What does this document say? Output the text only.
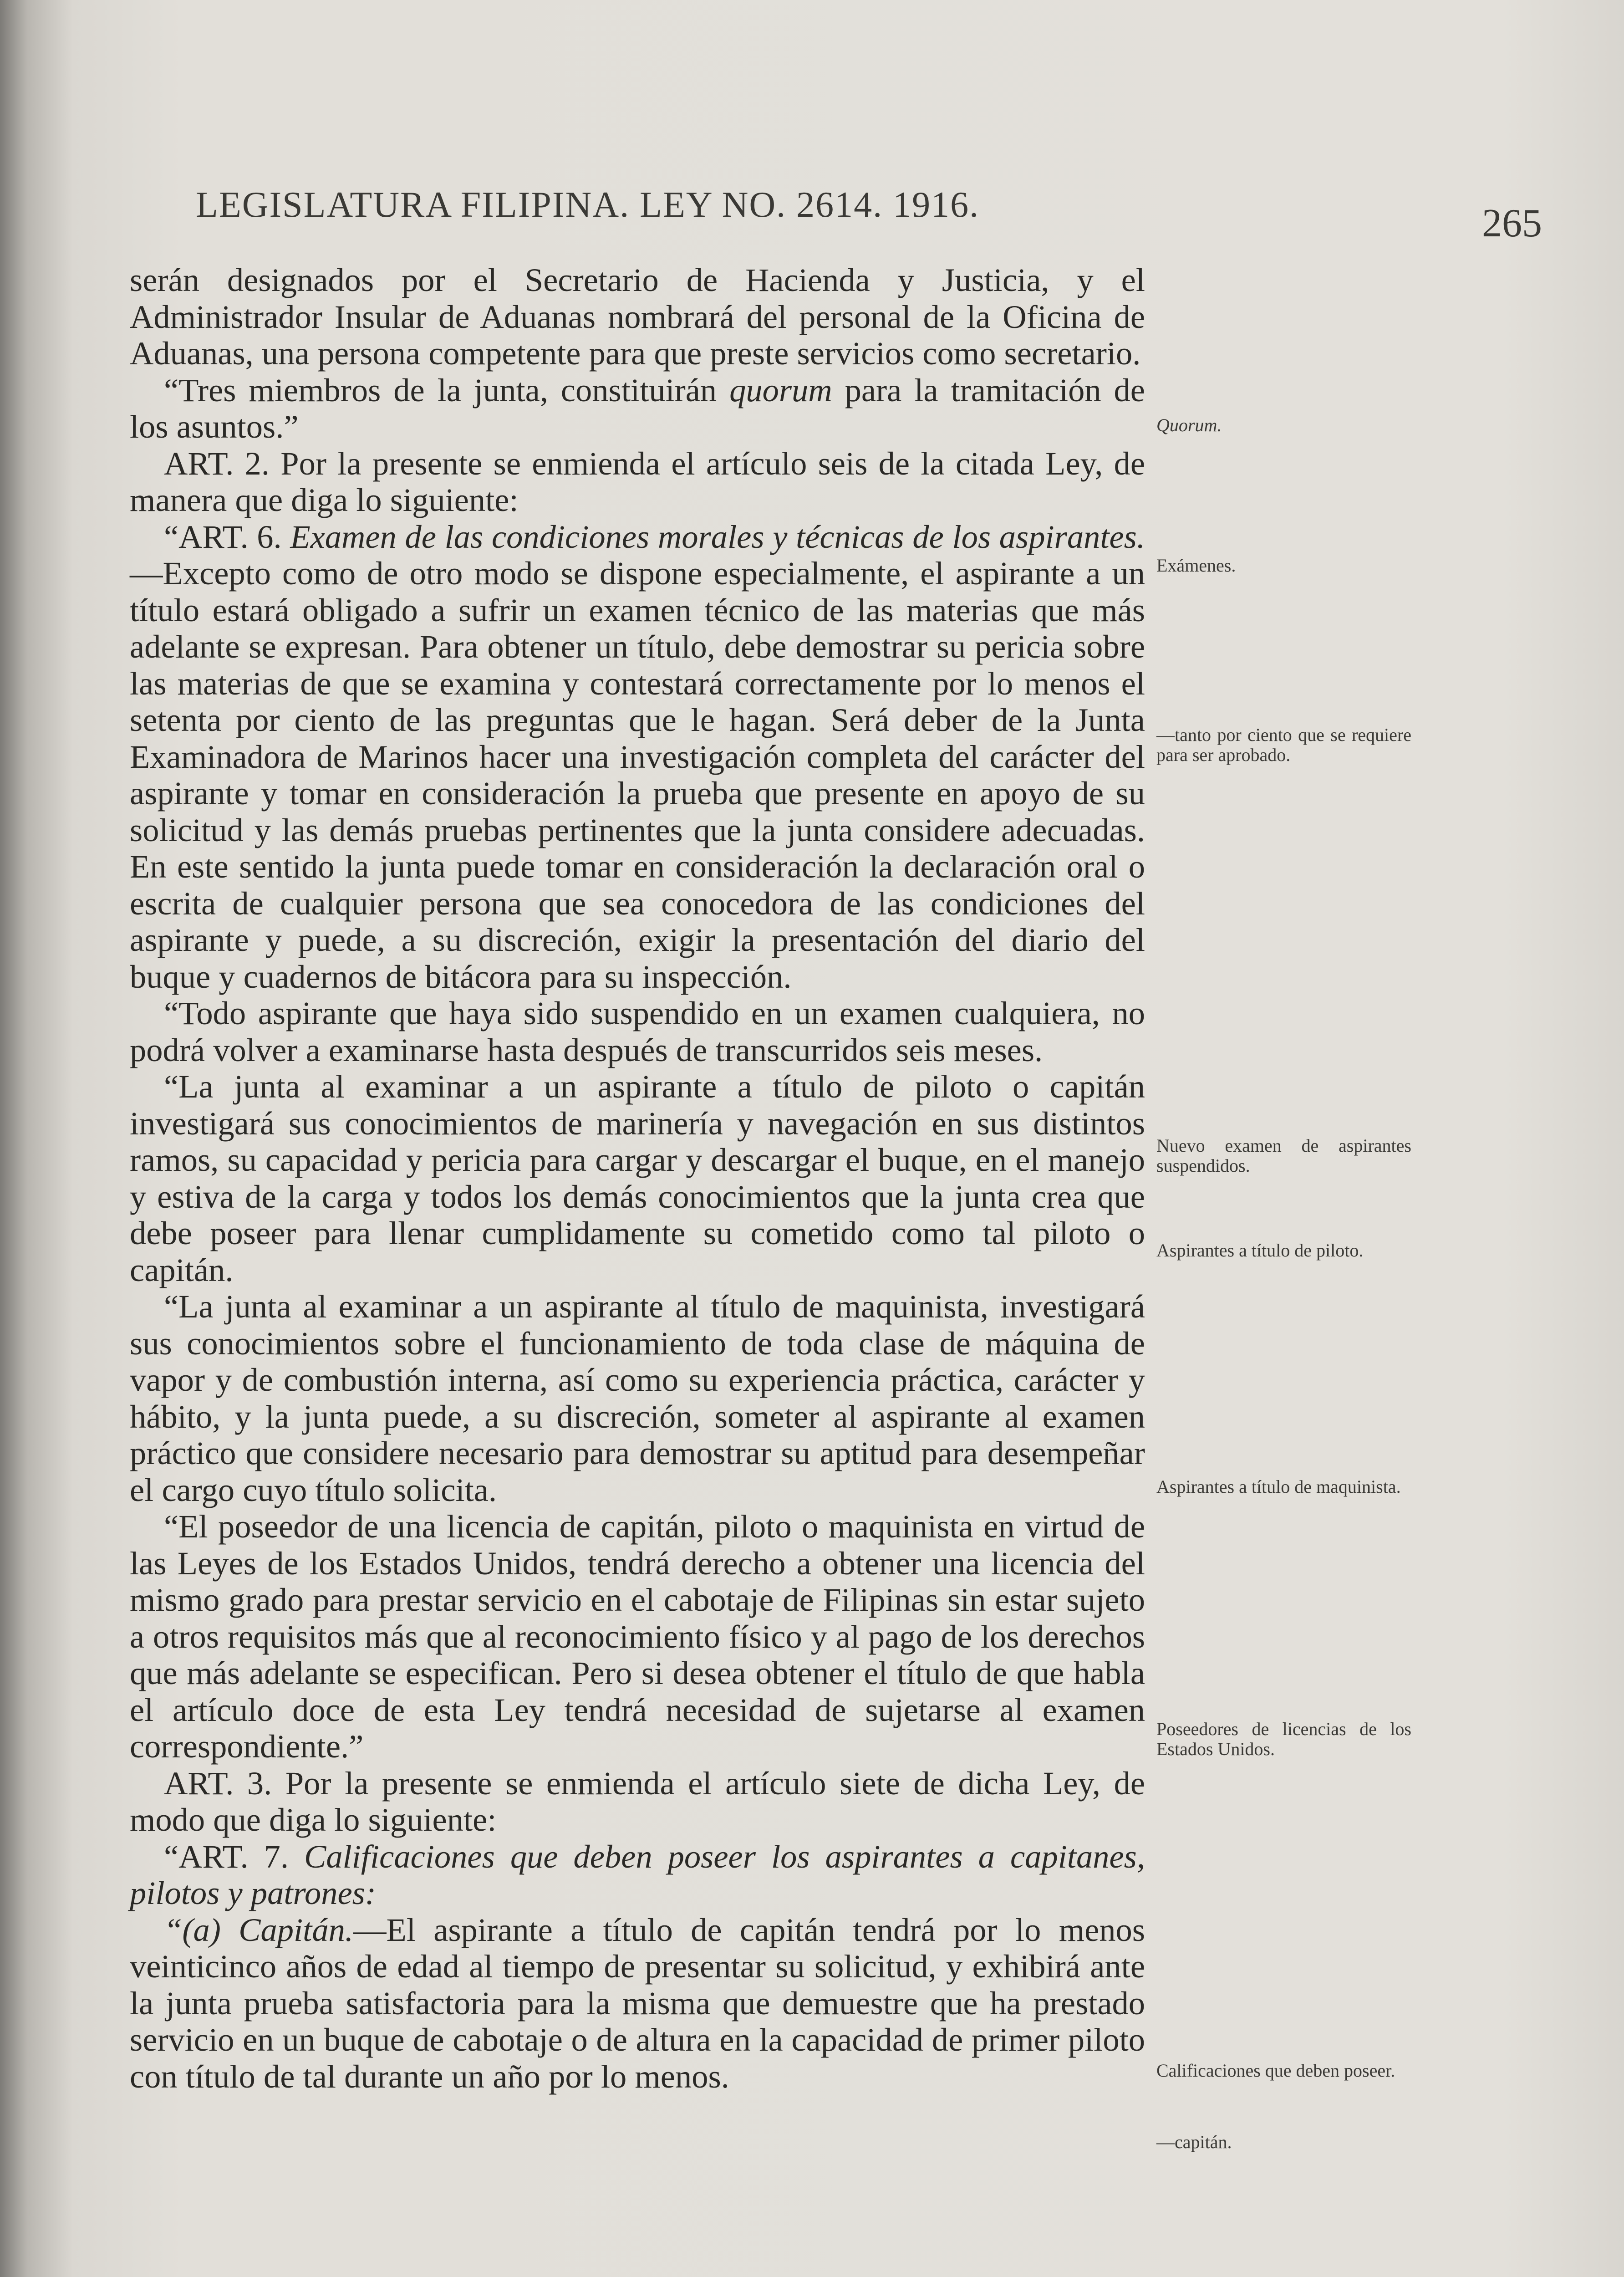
LEGISLATURA FILIPINA. LEY NO. 2614. 1916.	265

serán designados por el Secretario de Hacienda y Justicia, y el Administrador Insular de Aduanas nombrará del personal de la Oficina de Aduanas, una persona competente para que preste servicios como secretario.

“Tres miembros de la junta, constituirán quorum para la tramitación de los asuntos.”

ART. 2. Por la presente se enmienda el artículo seis de la citada Ley, de manera que diga lo siguiente:

“ART. 6. Examen de las condiciones morales y técnicas de los aspirantes.—Excepto como de otro modo se dispone especialmente, el aspirante a un título estará obligado a sufrir un examen técnico de las materias que más adelante se expresan. Para obtener un título, debe demostrar su pericia sobre las materias de que se examina y contestará correctamente por lo menos el setenta por ciento de las preguntas que le hagan. Será deber de la Junta Examinadora de Marinos hacer una investigación completa del carácter del aspirante y tomar en consideración la prueba que presente en apoyo de su solicitud y las demás pruebas pertinentes que la junta considere adecuadas. En este sentido la junta puede tomar en consideración la declaración oral o escrita de cualquier persona que sea conocedora de las condiciones del aspirante y puede, a su discreción, exigir la presentación del diario del buque y cuadernos de bitácora para su inspección.

“Todo aspirante que haya sido suspendido en un examen cualquiera, no podrá volver a examinarse hasta después de transcurridos seis meses.

“La junta al examinar a un aspirante a título de piloto o capitán investigará sus conocimientos de marinería y navegación en sus distintos ramos, su capacidad y pericia para cargar y descargar el buque, en el manejo y estiva de la carga y todos los demás conocimientos que la junta crea que debe poseer para llenar cumplidamente su cometido como tal piloto o capitán.

“La junta al examinar a un aspirante al título de maquinista, investigará sus conocimientos sobre el funcionamiento de toda clase de máquina de vapor y de combustión interna, así como su experiencia práctica, carácter y hábito, y la junta puede, a su discreción, someter al aspirante al examen práctico que considere necesario para demostrar su aptitud para desempeñar el cargo cuyo título solicita.

“El poseedor de una licencia de capitán, piloto o maquinista en virtud de las Leyes de los Estados Unidos, tendrá derecho a obtener una licencia del mismo grado para prestar servicio en el cabotaje de Filipinas sin estar sujeto a otros requisitos más que al reconocimiento físico y al pago de los derechos que más adelante se especifican. Pero si desea obtener el título de que habla el artículo doce de esta Ley tendrá necesidad de sujetarse al examen correspondiente.”

ART. 3. Por la presente se enmienda el artículo siete de dicha Ley, de modo que diga lo siguiente:

“ART. 7. Calificaciones que deben poseer los aspirantes a capitanes, pilotos y patrones:

“(a) Capitán.—El aspirante a título de capitán tendrá por lo menos veinticinco años de edad al tiempo de presentar su solicitud, y exhibirá ante la junta prueba satisfactoria para la misma que demuestre que ha prestado servicio en un buque de cabotaje o de altura en la capacidad de primer piloto con título de tal durante un año por lo menos.

Quorum.
Exámenes.
—tanto por ciento que se requiere para ser aprobado.
Nuevo examen de aspirantes suspendidos.
Aspirantes a título de piloto.
Aspirantes a título de maquinista.
Poseedores de licencias de los Estados Unidos.
Calificaciones que deben poseer.
—capitán.
